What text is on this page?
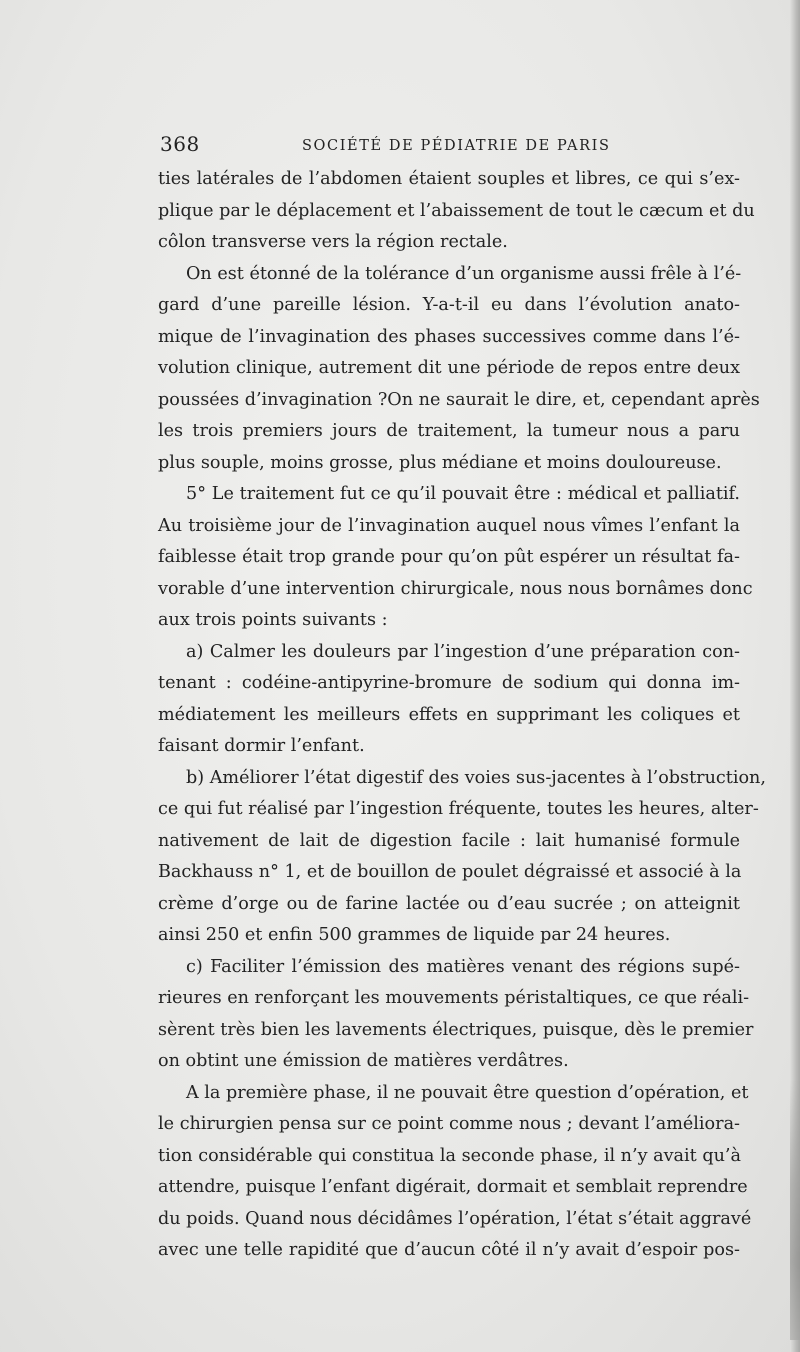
368	SOCIÉTÉ DE PÉDIATRIE DE PARIS
ties latérales de l’abdomen étaient souples et libres, ce qui s’ex-
plique par le déplacement et l’abaissement de tout le cæcum et du
côlon transverse vers la région rectale.
On est étonné de la tolérance d’un organisme aussi frêle à l’é-
gard d’une pareille lésion. Y-a-t-il eu dans l’évolution anato-
mique de l’invagination des phases successives comme dans l’é-
volution clinique, autrement dit une période de repos entre deux
poussées d’invagination ?On ne saurait le dire, et, cependant après
les trois premiers jours de traitement, la tumeur nous a paru
plus souple, moins grosse, plus médiane et moins douloureuse.
5° Le traitement fut ce qu’il pouvait être : médical et palliatif.
Au troisième jour de l’invagination auquel nous vîmes l’enfant la
faiblesse était trop grande pour qu’on pût espérer un résultat fa-
vorable d’une intervention chirurgicale, nous nous bornâmes donc
aux trois points suivants :
a) Calmer les douleurs par l’ingestion d’une préparation con-
tenant : codéine-antipyrine-bromure de sodium qui donna im-
médiatement les meilleurs effets en supprimant les coliques et
faisant dormir l’enfant.
b) Améliorer l’état digestif des voies sus-jacentes à l’obstruction,
ce qui fut réalisé par l’ingestion fréquente, toutes les heures, alter-
nativement de lait de digestion facile : lait humanisé formule
Backhauss n° 1, et de bouillon de poulet dégraissé et associé à la
crème d’orge ou de farine lactée ou d’eau sucrée ; on atteignit
ainsi 250 et enfin 500 grammes de liquide par 24 heures.
c) Faciliter l’émission des matières venant des régions supé-
rieures en renforçant les mouvements péristaltiques, ce que réali-
sèrent très bien les lavements électriques, puisque, dès le premier
on obtint une émission de matières verdâtres.
A la première phase, il ne pouvait être question d’opération, et
le chirurgien pensa sur ce point comme nous ; devant l’améliora-
tion considérable qui constitua la seconde phase, il n’y avait qu’à
attendre, puisque l’enfant digérait, dormait et semblait reprendre
du poids. Quand nous décidâmes l’opération, l’état s’était aggravé
avec une telle rapidité que d’aucun côté il n’y avait d’espoir pos-
